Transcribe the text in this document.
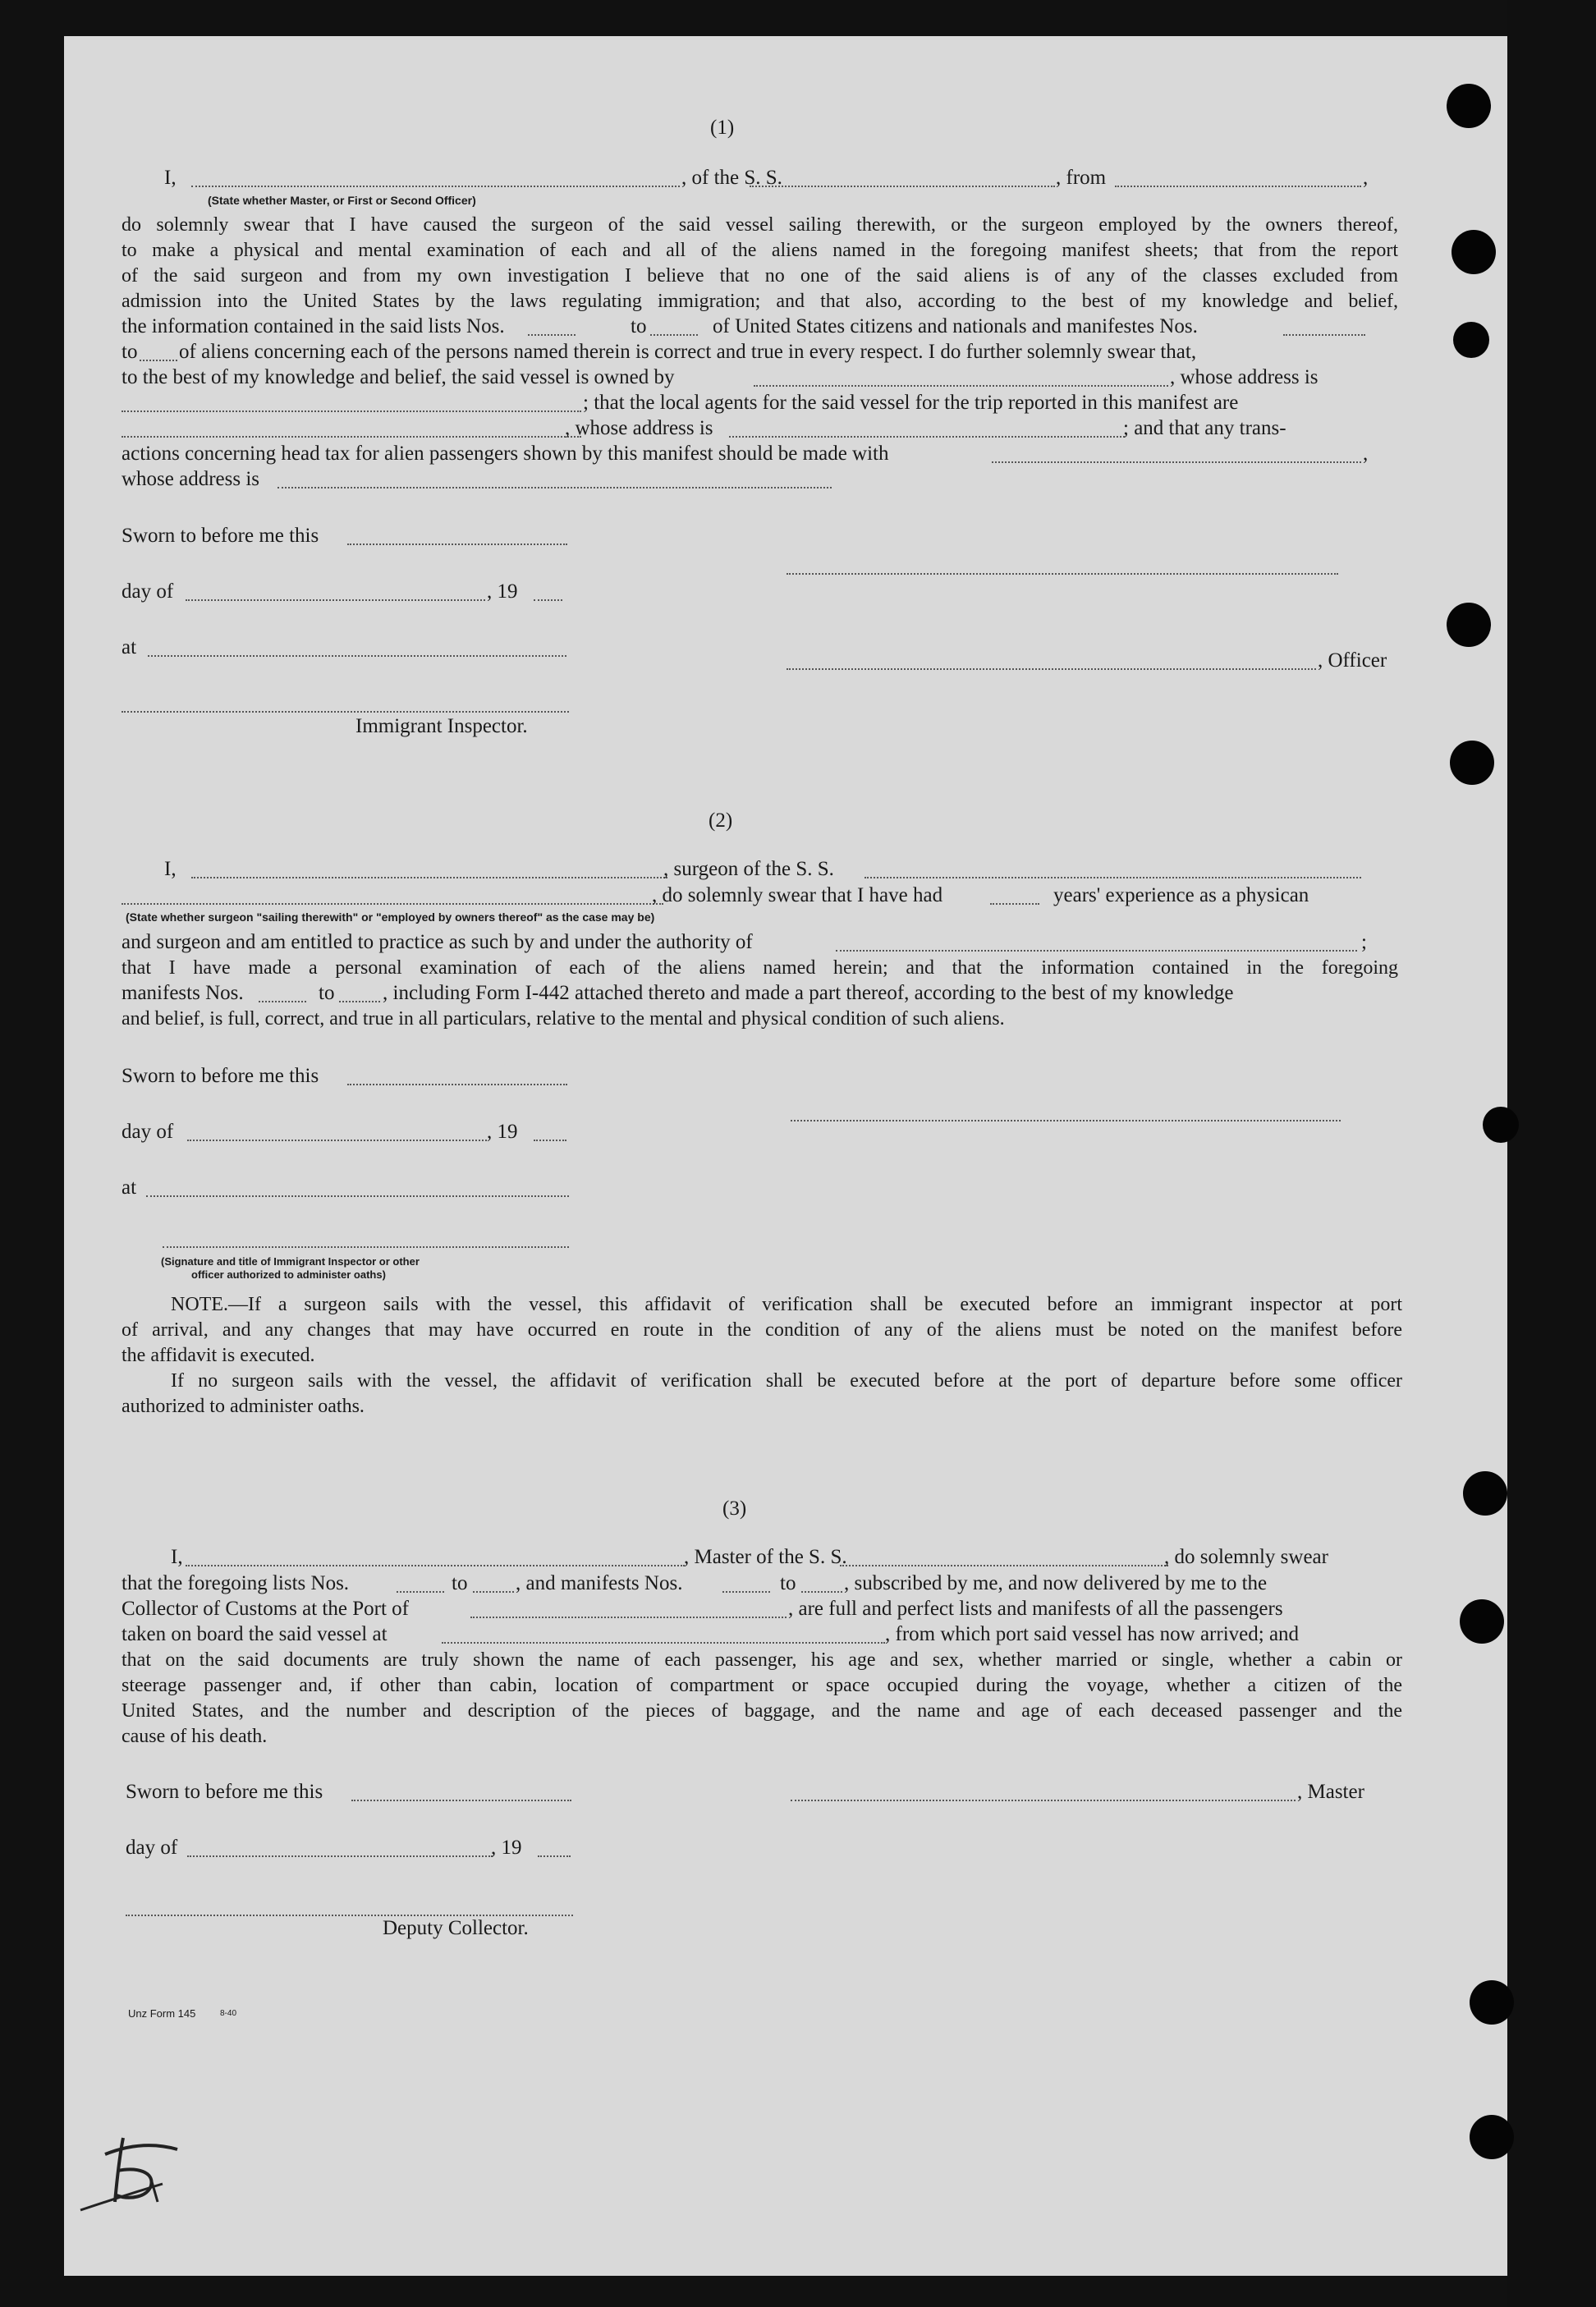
(1)
I,	, of the S. S.	, from	,
(State whether Master, or First or Second Officer)
do solemnly swear that I have caused the surgeon of the said vessel sailing therewith, or the surgeon employed by the owners thereof,
to make a physical and mental examination of each and all of the aliens named in the foregoing manifest sheets; that from the report
of the said surgeon and from my own investigation I believe that no one of the said aliens is of any of the classes excluded from
admission into the United States by the laws regulating immigration; and that also, according to the best of my knowledge and belief,
the information contained in the said lists Nos.	to	of United States citizens and nationals and manifestes Nos.
to of aliens concerning each of the persons named therein is correct and true in every respect. I do further solemnly swear that,
to the best of my knowledge and belief, the said vessel is owned by	, whose address is
; that the local agents for the said vessel for the trip reported in this manifest are
, whose address is	; and that any trans-
actions concerning head tax for alien passengers shown by this manifest should be made with	,
whose address is
Sworn to before me this
day of	, 19
at
, Officer
Immigrant Inspector.
(2)
I,	, surgeon of the S. S.
, do solemnly swear that I have had	years' experience as a physican
(State whether surgeon "sailing therewith" or "employed by owners thereof" as the case may be)
and surgeon and am entitled to practice as such by and under the authority of	;
that I have made a personal examination of each of the aliens named herein; and that the information contained in the foregoing
manifests Nos.	to , including Form I-442 attached thereto and made a part thereof, according to the best of my knowledge
and belief, is full, correct, and true in all particulars, relative to the mental and physical condition of such aliens.
Sworn to before me this
day of	, 19
at
(Signature and title of Immigrant Inspector or other
officer authorized to administer oaths)
NOTE.—If a surgeon sails with the vessel, this affidavit of verification shall be executed before an immigrant inspector at port
of arrival, and any changes that may have occurred en route in the condition of any of the aliens must be noted on the manifest before
the affidavit is executed.
If no surgeon sails with the vessel, the affidavit of verification shall be executed before at the port of departure before some officer
authorized to administer oaths.
(3)
I,	, Master of the S. S.	, do solemnly swear
that the foregoing lists Nos.	to , and manifests Nos.	to , subscribed by me, and now delivered by me to the
Collector of Customs at the Port of	, are full and perfect lists and manifests of all the passengers
taken on board the said vessel at	, from which port said vessel has now arrived; and
that on the said documents are truly shown the name of each passenger, his age and sex, whether married or single, whether a cabin or
steerage passenger and, if other than cabin, location of compartment or space occupied during the voyage, whether a citizen of the
United States, and the number and description of the pieces of baggage, and the name and age of each deceased passenger and the
cause of his death.
Sworn to before me this	, Master
day of	, 19
Deputy Collector.
Unz Form 145	8-40
